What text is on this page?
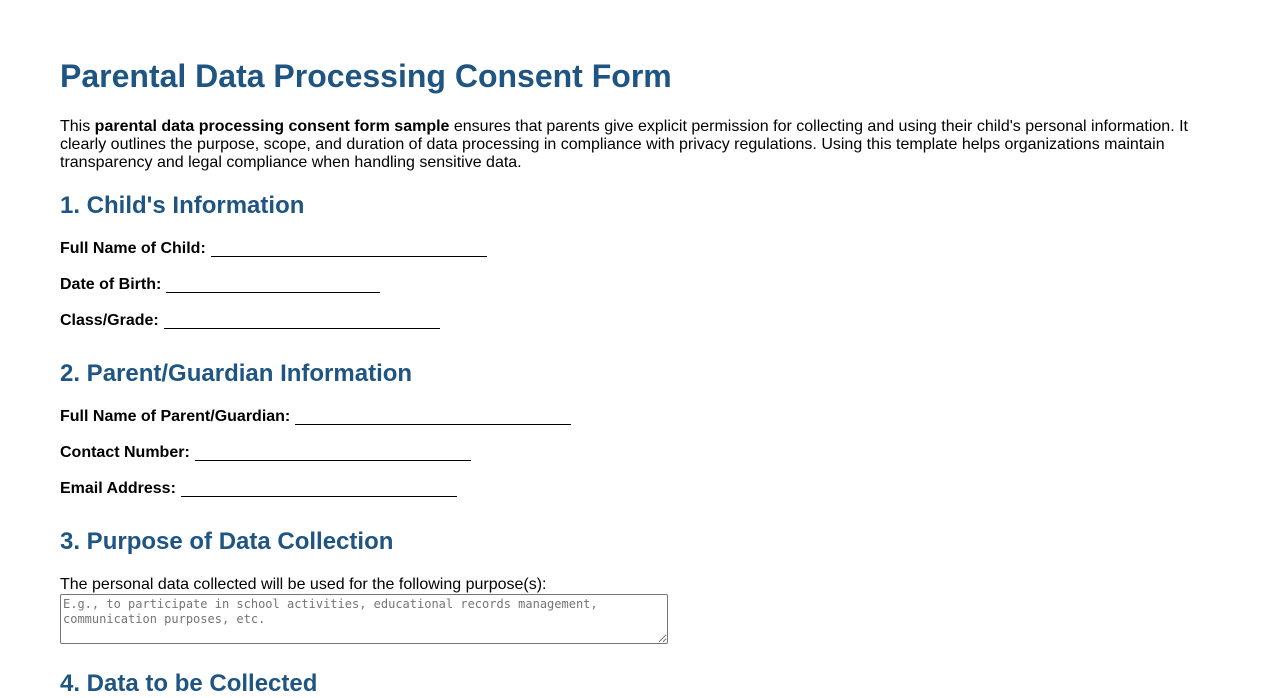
Parental Data Processing Consent Form

This parental data processing consent form sample ensures that parents give explicit permission for collecting and using their child's personal information. It clearly outlines the purpose, scope, and duration of data processing in compliance with privacy regulations. Using this template helps organizations maintain transparency and legal compliance when handling sensitive data.

1. Child's Information
Full Name of Child:
Date of Birth:
Class/Grade:
2. Parent/Guardian Information
Full Name of Parent/Guardian:
Contact Number:
Email Address:
3. Purpose of Data Collection

The personal data collected will be used for the following purpose(s):

E.g., to participate in school activities, educational records management, communication purposes, etc.
4. Data to be Collected
